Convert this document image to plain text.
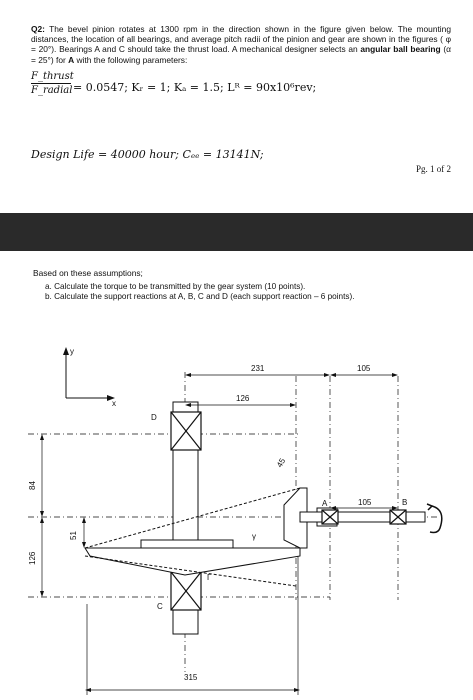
Q2: The bevel pinion rotates at 1300 rpm in the direction shown in the figure given below. The mounting distances, the location of all bearings, and average pitch radii of the pinion and gear are shown in the figures ( φ = 20°). Bearings A and C should take the thrust load. A mechanical designer selects an angular ball bearing (α = 25°) for A with the following parameters:
F_thrust
F_radial = 0.0547; Kᵣ = 1; Kₐ = 1.5; Lᴿ = 90x10⁶rev;
Design Life = 40000 hour; Cₑₑ = 13141N;
Pg. 1 of 2
Based on these assumptions;
a. Calculate the torque to be transmitted by the gear system (10 points).
b. Calculate the support reactions at A, B, C and D (each support reaction – 6 points).
y
x
231	105
126
105
315
84
126
51
45
D
C
A	B
Γ
γ
